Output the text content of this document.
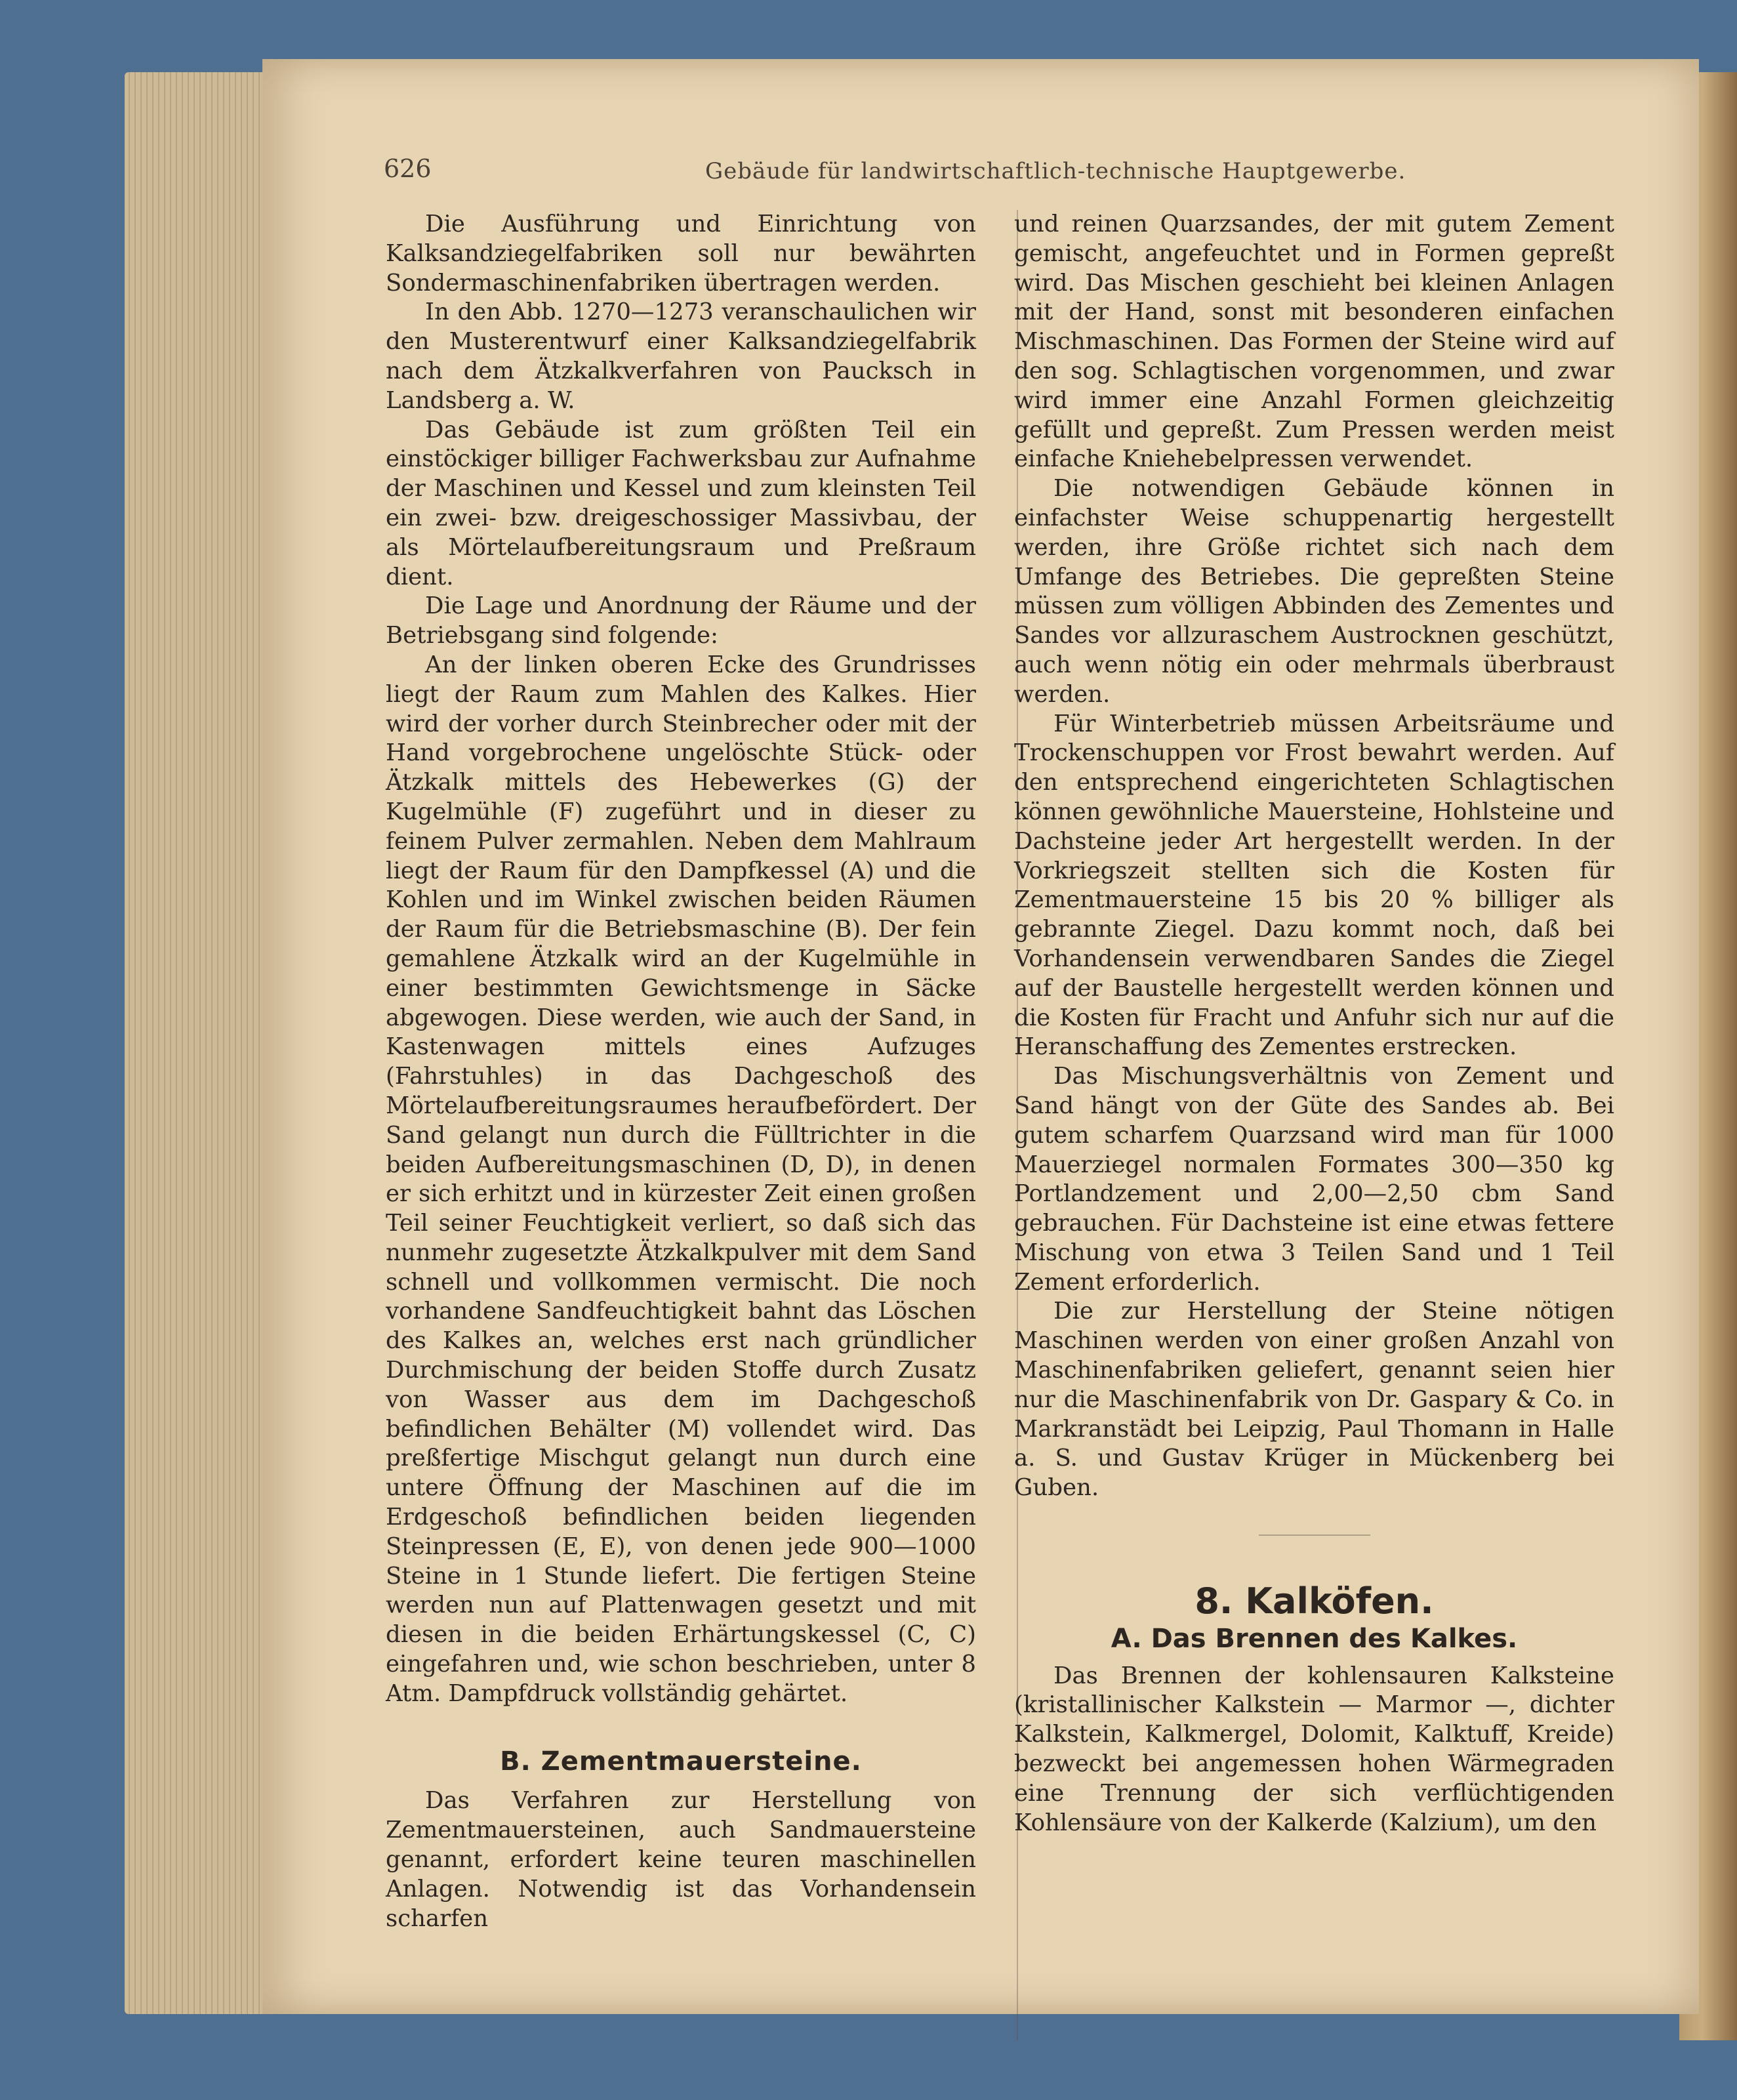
626	Gebäude für landwirtschaftlich-technische Hauptgewerbe.

Die Ausführung und Einrichtung von Kalksandziegelfabriken soll nur bewährten Sondermaschinenfabriken übertragen werden.

In den Abb. 1270—1273 veranschaulichen wir den Musterentwurf einer Kalksandziegelfabrik nach dem Ätzkalkverfahren von Paucksch in Landsberg a. W.

Das Gebäude ist zum größten Teil ein einstöckiger billiger Fachwerksbau zur Aufnahme der Maschinen und Kessel und zum kleinsten Teil ein zwei- bzw. dreigeschossiger Massivbau, der als Mörtelaufbereitungsraum und Preßraum dient.

Die Lage und Anordnung der Räume und der Betriebsgang sind folgende:

An der linken oberen Ecke des Grundrisses liegt der Raum zum Mahlen des Kalkes. Hier wird der vorher durch Steinbrecher oder mit der Hand vorgebrochene ungelöschte Stück- oder Ätzkalk mittels des Hebewerkes (G) der Kugelmühle (F) zugeführt und in dieser zu feinem Pulver zermahlen. Neben dem Mahlraum liegt der Raum für den Dampfkessel (A) und die Kohlen und im Winkel zwischen beiden Räumen der Raum für die Betriebsmaschine (B). Der fein gemahlene Ätzkalk wird an der Kugelmühle in einer bestimmten Gewichtsmenge in Säcke abgewogen. Diese werden, wie auch der Sand, in Kastenwagen mittels eines Aufzuges (Fahrstuhles) in das Dachgeschoß des Mörtelaufbereitungsraumes heraufbefördert. Der Sand gelangt nun durch die Fülltrichter in die beiden Aufbereitungsmaschinen (D, D), in denen er sich erhitzt und in kürzester Zeit einen großen Teil seiner Feuchtigkeit verliert, so daß sich das nunmehr zugesetzte Ätzkalkpulver mit dem Sand schnell und vollkommen vermischt. Die noch vorhandene Sandfeuchtigkeit bahnt das Löschen des Kalkes an, welches erst nach gründlicher Durchmischung der beiden Stoffe durch Zusatz von Wasser aus dem im Dachgeschoß befindlichen Behälter (M) vollendet wird. Das preßfertige Mischgut gelangt nun durch eine untere Öffnung der Maschinen auf die im Erdgeschoß befindlichen beiden liegenden Steinpressen (E, E), von denen jede 900—1000 Steine in 1 Stunde liefert. Die fertigen Steine werden nun auf Plattenwagen gesetzt und mit diesen in die beiden Erhärtungskessel (C, C) eingefahren und, wie schon beschrieben, unter 8 Atm. Dampfdruck vollständig gehärtet.

B. Zementmauersteine.

Das Verfahren zur Herstellung von Zementmauersteinen, auch Sandmauersteine genannt, erfordert keine teuren maschinellen Anlagen. Notwendig ist das Vorhandensein scharfen

und reinen Quarzsandes, der mit gutem Zement gemischt, angefeuchtet und in Formen gepreßt wird. Das Mischen geschieht bei kleinen Anlagen mit der Hand, sonst mit besonderen einfachen Mischmaschinen. Das Formen der Steine wird auf den sog. Schlagtischen vorgenommen, und zwar wird immer eine Anzahl Formen gleichzeitig gefüllt und gepreßt. Zum Pressen werden meist einfache Kniehebelpressen verwendet.

Die notwendigen Gebäude können in einfachster Weise schuppenartig hergestellt werden, ihre Größe richtet sich nach dem Umfange des Betriebes. Die gepreßten Steine müssen zum völligen Abbinden des Zementes und Sandes vor allzuraschem Austrocknen geschützt, auch wenn nötig ein oder mehrmals überbraust werden.

Für Winterbetrieb müssen Arbeitsräume und Trockenschuppen vor Frost bewahrt werden. Auf den entsprechend eingerichteten Schlagtischen können gewöhnliche Mauersteine, Hohlsteine und Dachsteine jeder Art hergestellt werden. In der Vorkriegszeit stellten sich die Kosten für Zementmauersteine 15 bis 20 % billiger als gebrannte Ziegel. Dazu kommt noch, daß bei Vorhandensein verwendbaren Sandes die Ziegel auf der Baustelle hergestellt werden können und die Kosten für Fracht und Anfuhr sich nur auf die Heranschaffung des Zementes erstrecken.

Das Mischungsverhältnis von Zement und Sand hängt von der Güte des Sandes ab. Bei gutem scharfem Quarzsand wird man für 1000 Mauerziegel normalen Formates 300—350 kg Portlandzement und 2,00—2,50 cbm Sand gebrauchen. Für Dachsteine ist eine etwas fettere Mischung von etwa 3 Teilen Sand und 1 Teil Zement erforderlich.

Die zur Herstellung der Steine nötigen Maschinen werden von einer großen Anzahl von Maschinenfabriken geliefert, genannt seien hier nur die Maschinenfabrik von Dr. Gaspary & Co. in Markranstädt bei Leipzig, Paul Thomann in Halle a. S. und Gustav Krüger in Mückenberg bei Guben.

8. Kalköfen.
A. Das Brennen des Kalkes.

Das Brennen der kohlensauren Kalksteine (kristallinischer Kalkstein — Marmor —, dichter Kalkstein, Kalkmergel, Dolomit, Kalktuff, Kreide) bezweckt bei angemessen hohen Wärmegraden eine Trennung der sich verflüchtigenden Kohlensäure von der Kalkerde (Kalzium), um den
